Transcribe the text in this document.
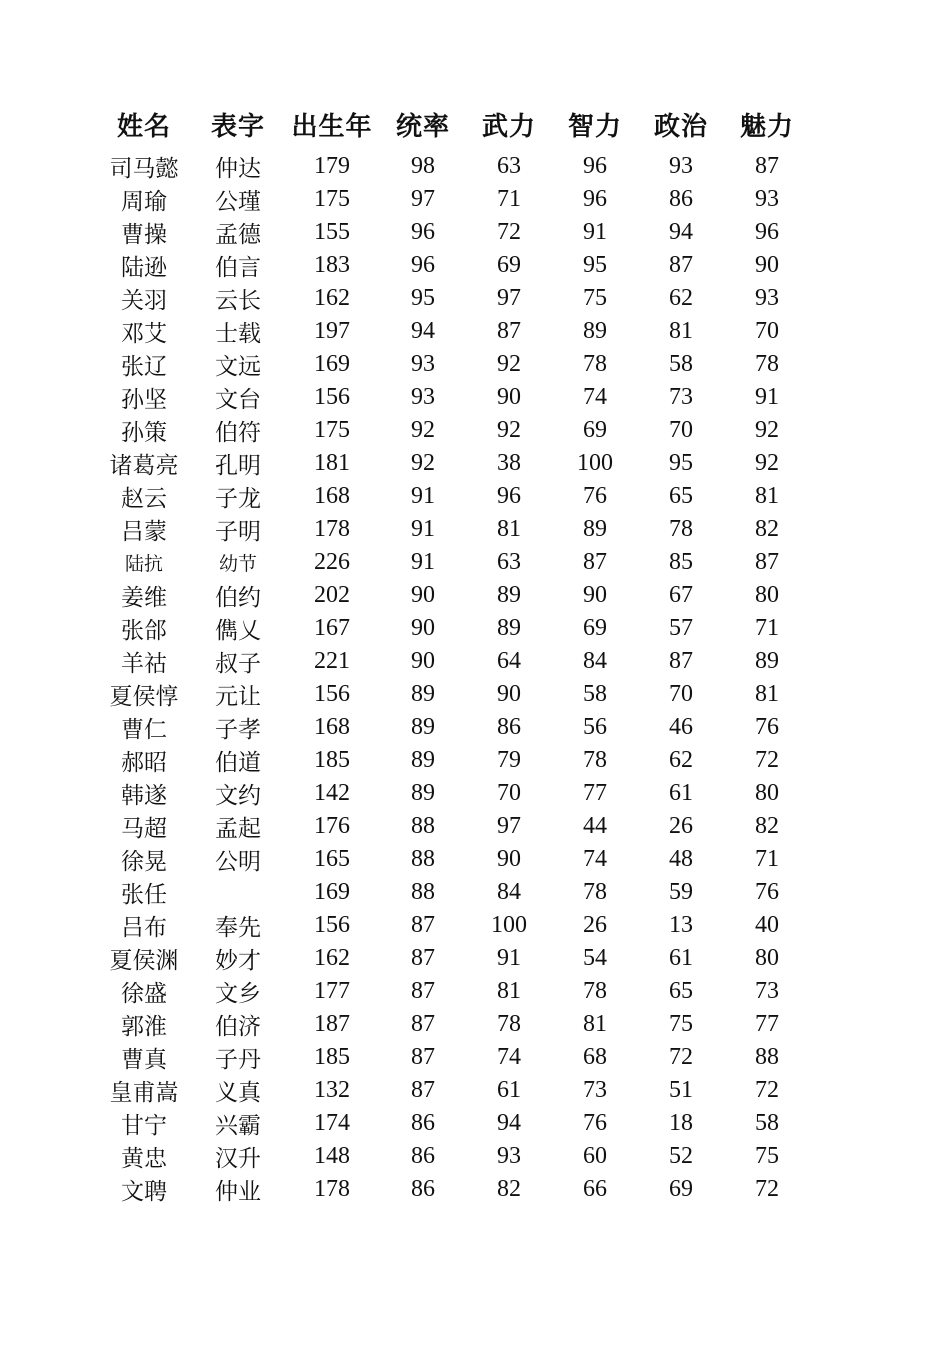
姓名	表字	出生年	统率	武力	智力	政治	魅力

司马懿	仲达	179	98	63	96	93	87
周瑜	公瑾	175	97	71	96	86	93
曹操	孟德	155	96	72	91	94	96
陆逊	伯言	183	96	69	95	87	90
关羽	云长	162	95	97	75	62	93
邓艾	士载	197	94	87	89	81	70
张辽	文远	169	93	92	78	58	78
孙坚	文台	156	93	90	74	73	91
孙策	伯符	175	92	92	69	70	92
诸葛亮	孔明	181	92	38	100	95	92
赵云	子龙	168	91	96	76	65	81
吕蒙	子明	178	91	81	89	78	82
陆抗	幼节	226	91	63	87	85	87
姜维	伯约	202	90	89	90	67	80
张郃	儁乂	167	90	89	69	57	71
羊祜	叔子	221	90	64	84	87	89
夏侯惇	元让	156	89	90	58	70	81
曹仁	子孝	168	89	86	56	46	76
郝昭	伯道	185	89	79	78	62	72
韩遂	文约	142	89	70	77	61	80
马超	孟起	176	88	97	44	26	82
徐晃	公明	165	88	90	74	48	71
张任		169	88	84	78	59	76
吕布	奉先	156	87	100	26	13	40
夏侯渊	妙才	162	87	91	54	61	80
徐盛	文乡	177	87	81	78	65	73
郭淮	伯济	187	87	78	81	75	77
曹真	子丹	185	87	74	68	72	88
皇甫嵩	义真	132	87	61	73	51	72
甘宁	兴霸	174	86	94	76	18	58
黄忠	汉升	148	86	93	60	52	75
文聘	仲业	178	86	82	66	69	72
